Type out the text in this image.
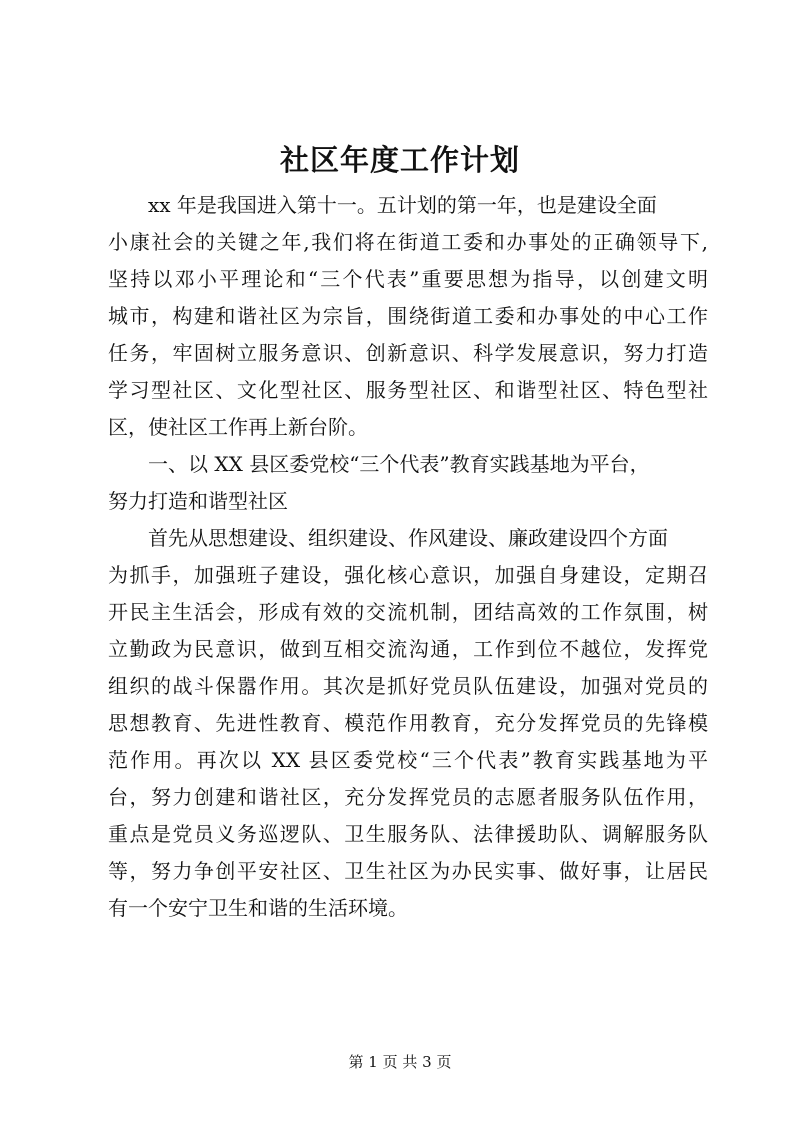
社区年度工作计划
xx 年是我国进入第十一。五计划的第一年，也是建设全面
小康社会的关键之年,我们将在街道工委和办事处的正确领导下,
坚持以邓小平理论和“三个代表”重要思想为指导，以创建文明
城市，构建和谐社区为宗旨，围绕街道工委和办事处的中心工作
任务，牢固树立服务意识、创新意识、科学发展意识，努力打造
学习型社区、文化型社区、服务型社区、和谐型社区、特色型社
区，使社区工作再上新台阶。
一、以 XX 县区委党校“三个代表”教育实践基地为平台，
努力打造和谐型社区
首先从思想建设、组织建设、作风建设、廉政建设四个方面
为抓手，加强班子建设，强化核心意识，加强自身建设，定期召
开民主生活会，形成有效的交流机制，团结高效的工作氛围，树
立勤政为民意识，做到互相交流沟通，工作到位不越位，发挥党
组织的战斗保嚣作用。其次是抓好党员队伍建设，加强对党员的
思想教育、先进性教育、模范作用教育，充分发挥党员的先锋模
范作用。再次以 XX 县区委党校“三个代表”教育实践基地为平
台，努力创建和谐社区，充分发挥党员的志愿者服务队伍作用，
重点是党员义务巡逻队、卫生服务队、法律援助队、调解服务队
等，努力争创平安社区、卫生社区为办民实事、做好事，让居民
有一个安宁卫生和谐的生活环境。
第 1 页 共 3 页
